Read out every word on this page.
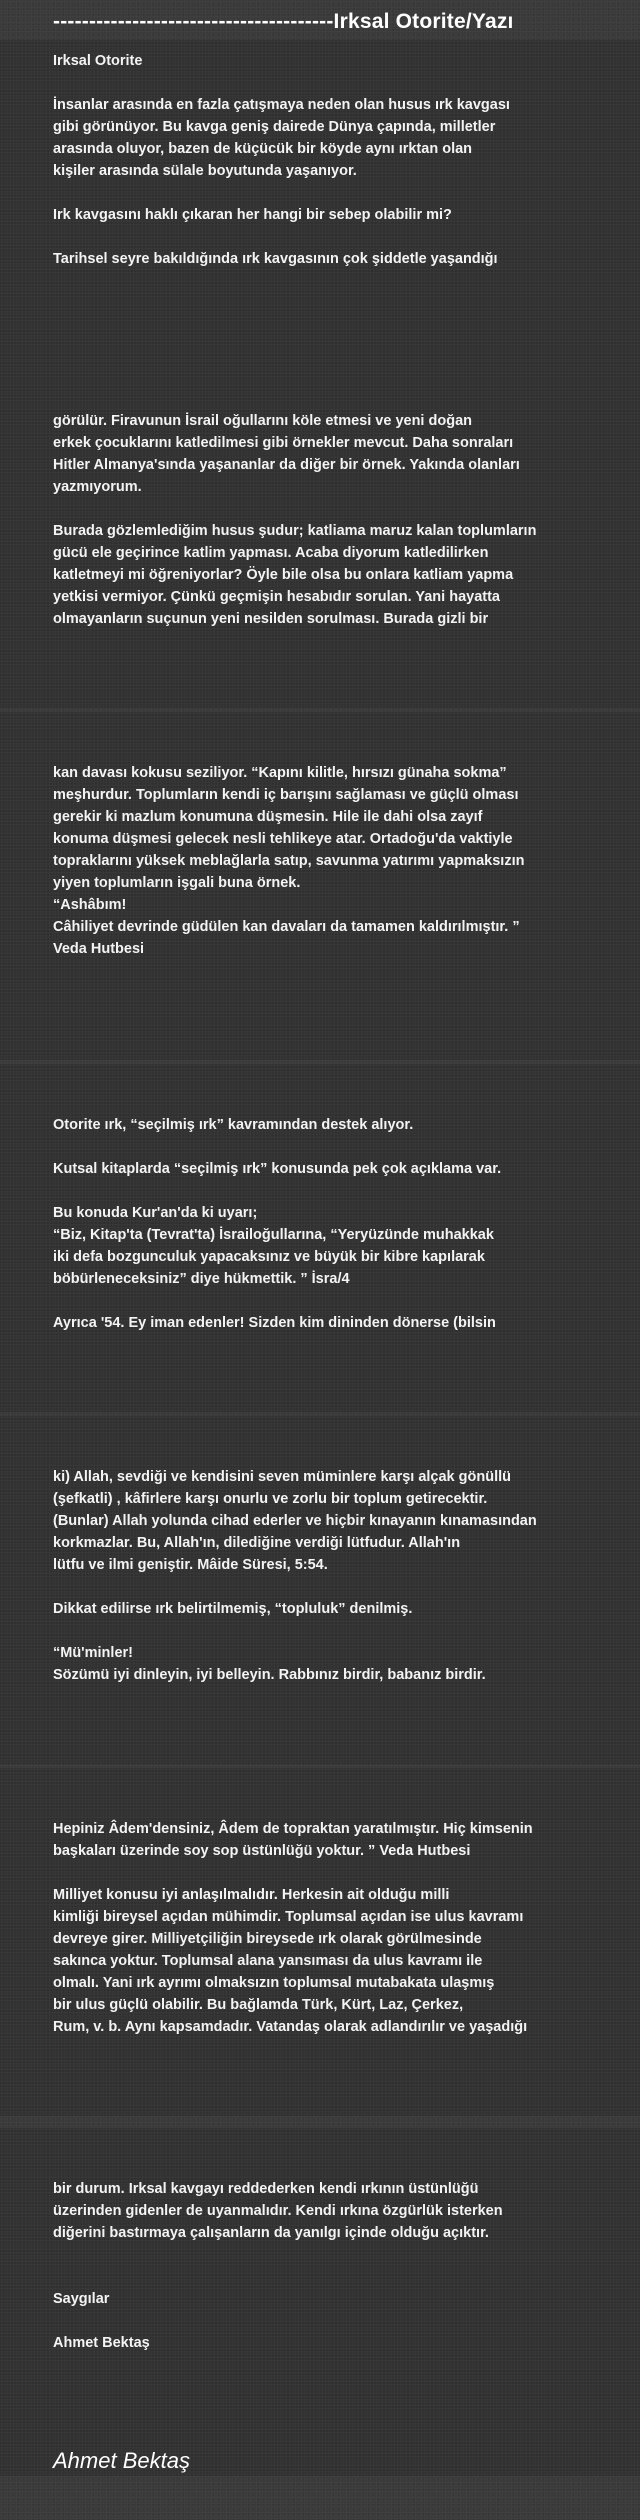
---------------------------------------Irksal Otorite/Yazı
Irksal Otorite
İnsanlar arasında en fazla çatışmaya neden olan husus ırk kavgası
gibi görünüyor. Bu kavga geniş dairede Dünya çapında, milletler
arasında oluyor, bazen de küçücük bir köyde aynı ırktan olan
kişiler arasında sülale boyutunda yaşanıyor.
Irk kavgasını haklı çıkaran her hangi bir sebep olabilir mi?
Tarihsel seyre bakıldığında ırk kavgasının çok şiddetle yaşandığı
görülür. Firavunun İsrail oğullarını köle etmesi ve yeni doğan
erkek çocuklarını katledilmesi gibi örnekler mevcut. Daha sonraları
Hitler Almanya'sında yaşananlar da diğer bir örnek. Yakında olanları
yazmıyorum.
Burada gözlemlediğim husus şudur; katliama maruz kalan toplumların
gücü ele geçirince katlim yapması. Acaba diyorum katledilirken
katletmeyi mi öğreniyorlar? Öyle bile olsa bu onlara katliam yapma
yetkisi vermiyor. Çünkü geçmişin hesabıdır sorulan. Yani hayatta
olmayanların suçunun yeni nesilden sorulması. Burada gizli bir
kan davası kokusu seziliyor. “Kapını kilitle, hırsızı günaha sokma”
meşhurdur. Toplumların kendi iç barışını sağlaması ve güçlü olması
gerekir ki mazlum konumuna düşmesin. Hile ile dahi olsa zayıf
konuma düşmesi gelecek nesli tehlikeye atar. Ortadoğu'da vaktiyle
topraklarını yüksek meblağlarla satıp, savunma yatırımı yapmaksızın
yiyen toplumların işgali buna örnek.
“Ashâbım!
Câhiliyet devrinde güdülen kan davaları da tamamen kaldırılmıştır. ”
Veda Hutbesi
Otorite ırk, “seçilmiş ırk” kavramından destek alıyor.
Kutsal kitaplarda “seçilmiş ırk” konusunda pek çok açıklama var.
Bu konuda Kur'an'da ki uyarı;
“Biz, Kitap'ta (Tevrat'ta) İsrailoğullarına, “Yeryüzünde muhakkak
iki defa bozgunculuk yapacaksınız ve büyük bir kibre kapılarak
böbürleneceksiniz” diye hükmettik. ” İsra/4
Ayrıca '54. Ey iman edenler! Sizden kim dininden dönerse (bilsin
ki) Allah, sevdiği ve kendisini seven müminlere karşı alçak gönüllü
(şefkatli) , kâfirlere karşı onurlu ve zorlu bir toplum getirecektir.
(Bunlar) Allah yolunda cihad ederler ve hiçbir kınayanın kınamasından
korkmazlar. Bu, Allah'ın, dilediğine verdiği lütfudur. Allah'ın
lütfu ve ilmi geniştir. Mâide Süresi, 5:54.
Dikkat edilirse ırk belirtilmemiş, “topluluk” denilmiş.
“Mü'minler!
Sözümü iyi dinleyin, iyi belleyin. Rabbınız birdir, babanız birdir.
Hepiniz Âdem'densiniz, Âdem de topraktan yaratılmıştır. Hiç kimsenin
başkaları üzerinde soy sop üstünlüğü yoktur. ” Veda Hutbesi
Milliyet konusu iyi anlaşılmalıdır. Herkesin ait olduğu milli
kimliği bireysel açıdan mühimdir. Toplumsal açıdan ise ulus kavramı
devreye girer. Milliyetçiliğin bireysede ırk olarak görülmesinde
sakınca yoktur. Toplumsal alana yansıması da ulus kavramı ile
olmalı. Yani ırk ayrımı olmaksızın toplumsal mutabakata ulaşmış
bir ulus güçlü olabilir. Bu bağlamda Türk, Kürt, Laz, Çerkez,
Rum, v. b. Aynı kapsamdadır. Vatandaş olarak adlandırılır ve yaşadığı
bir durum. Irksal kavgayı reddederken kendi ırkının üstünlüğü
üzerinden gidenler de uyanmalıdır. Kendi ırkına özgürlük isterken
diğerini bastırmaya çalışanların da yanılgı içinde olduğu açıktır.
Saygılar
Ahmet Bektaş
Ahmet Bektaş
